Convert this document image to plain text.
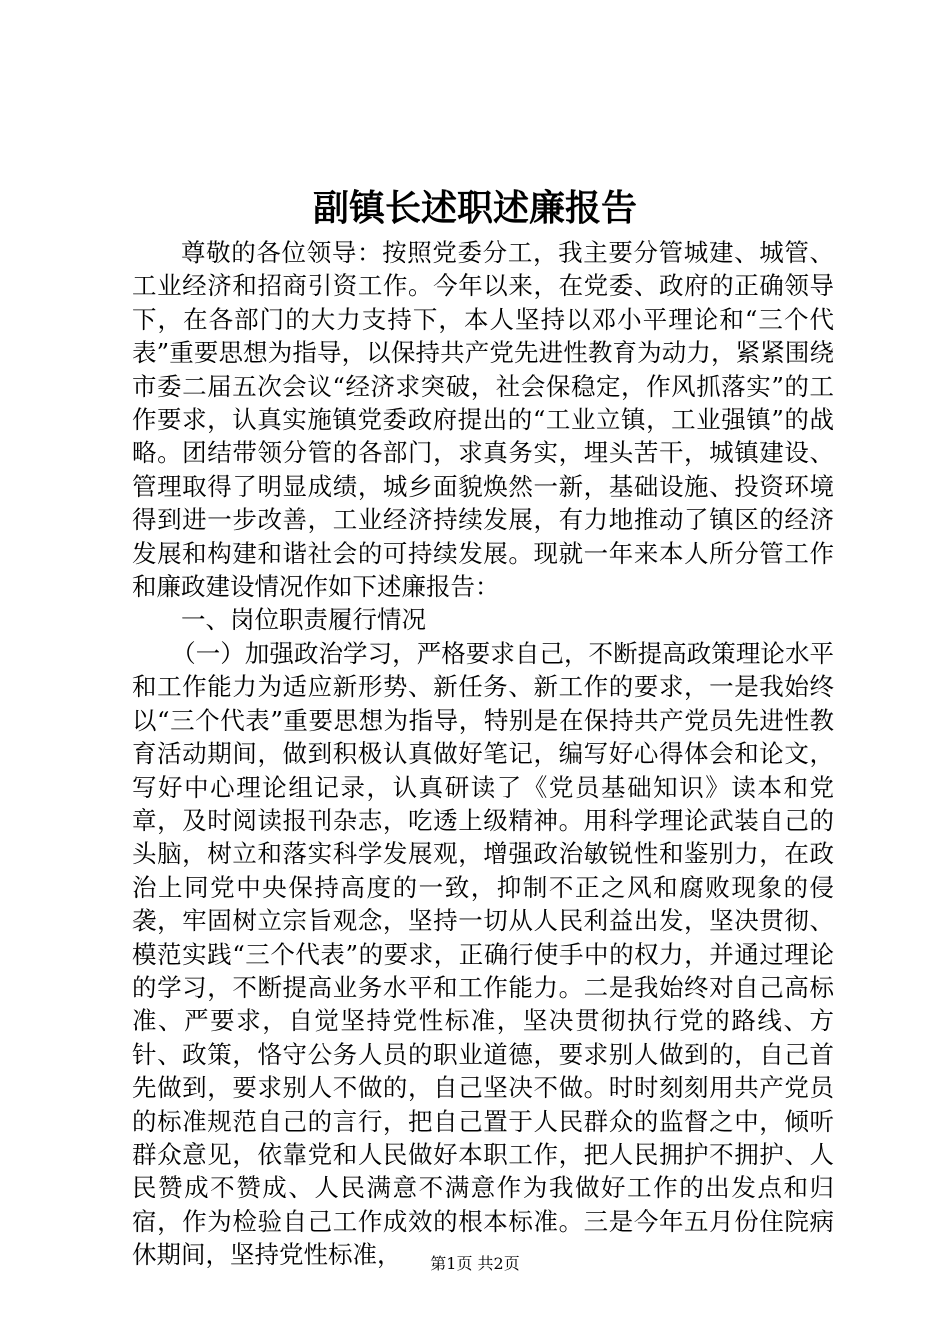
副镇长述职述廉报告

尊敬的各位领导：按照党委分工，我主要分管城建、城管、工业经济和招商引资工作。今年以来，在党委、政府的正确领导下，在各部门的大力支持下，本人坚持以邓小平理论和“三个代表”重要思想为指导，以保持共产党先进性教育为动力，紧紧围绕市委二届五次会议“经济求突破，社会保稳定，作风抓落实”的工作要求，认真实施镇党委政府提出的“工业立镇，工业强镇”的战略。团结带领分管的各部门，求真务实，埋头苦干，城镇建设、管理取得了明显成绩，城乡面貌焕然一新，基础设施、投资环境得到进一步改善，工业经济持续发展，有力地推动了镇区的经济发展和构建和谐社会的可持续发展。现就一年来本人所分管工作和廉政建设情况作如下述廉报告：

一、岗位职责履行情况

（一）加强政治学习，严格要求自己，不断提高政策理论水平和工作能力为适应新形势、新任务、新工作的要求，一是我始终以“三个代表”重要思想为指导，特别是在保持共产党员先进性教育活动期间，做到积极认真做好笔记，编写好心得体会和论文，写好中心理论组记录，认真研读了《党员基础知识》读本和党章，及时阅读报刊杂志，吃透上级精神。用科学理论武装自己的头脑，树立和落实科学发展观，增强政治敏锐性和鉴别力，在政治上同党中央保持高度的一致，抑制不正之风和腐败现象的侵袭，牢固树立宗旨观念，坚持一切从人民利益出发，坚决贯彻、模范实践“三个代表”的要求，正确行使手中的权力，并通过理论的学习，不断提高业务水平和工作能力。二是我始终对自己高标准、严要求，自觉坚持党性标准，坚决贯彻执行党的路线、方针、政策，恪守公务人员的职业道德，要求别人做到的，自己首先做到，要求别人不做的，自己坚决不做。时时刻刻用共产党员的标准规范自己的言行，把自己置于人民群众的监督之中，倾听群众意见，依靠党和人民做好本职工作，把人民拥护不拥护、人民赞成不赞成、人民满意不满意作为我做好工作的出发点和归宿，作为检验自己工作成效的根本标准。三是今年五月份住院病休期间，坚持党性标准，	第1页 共2页
